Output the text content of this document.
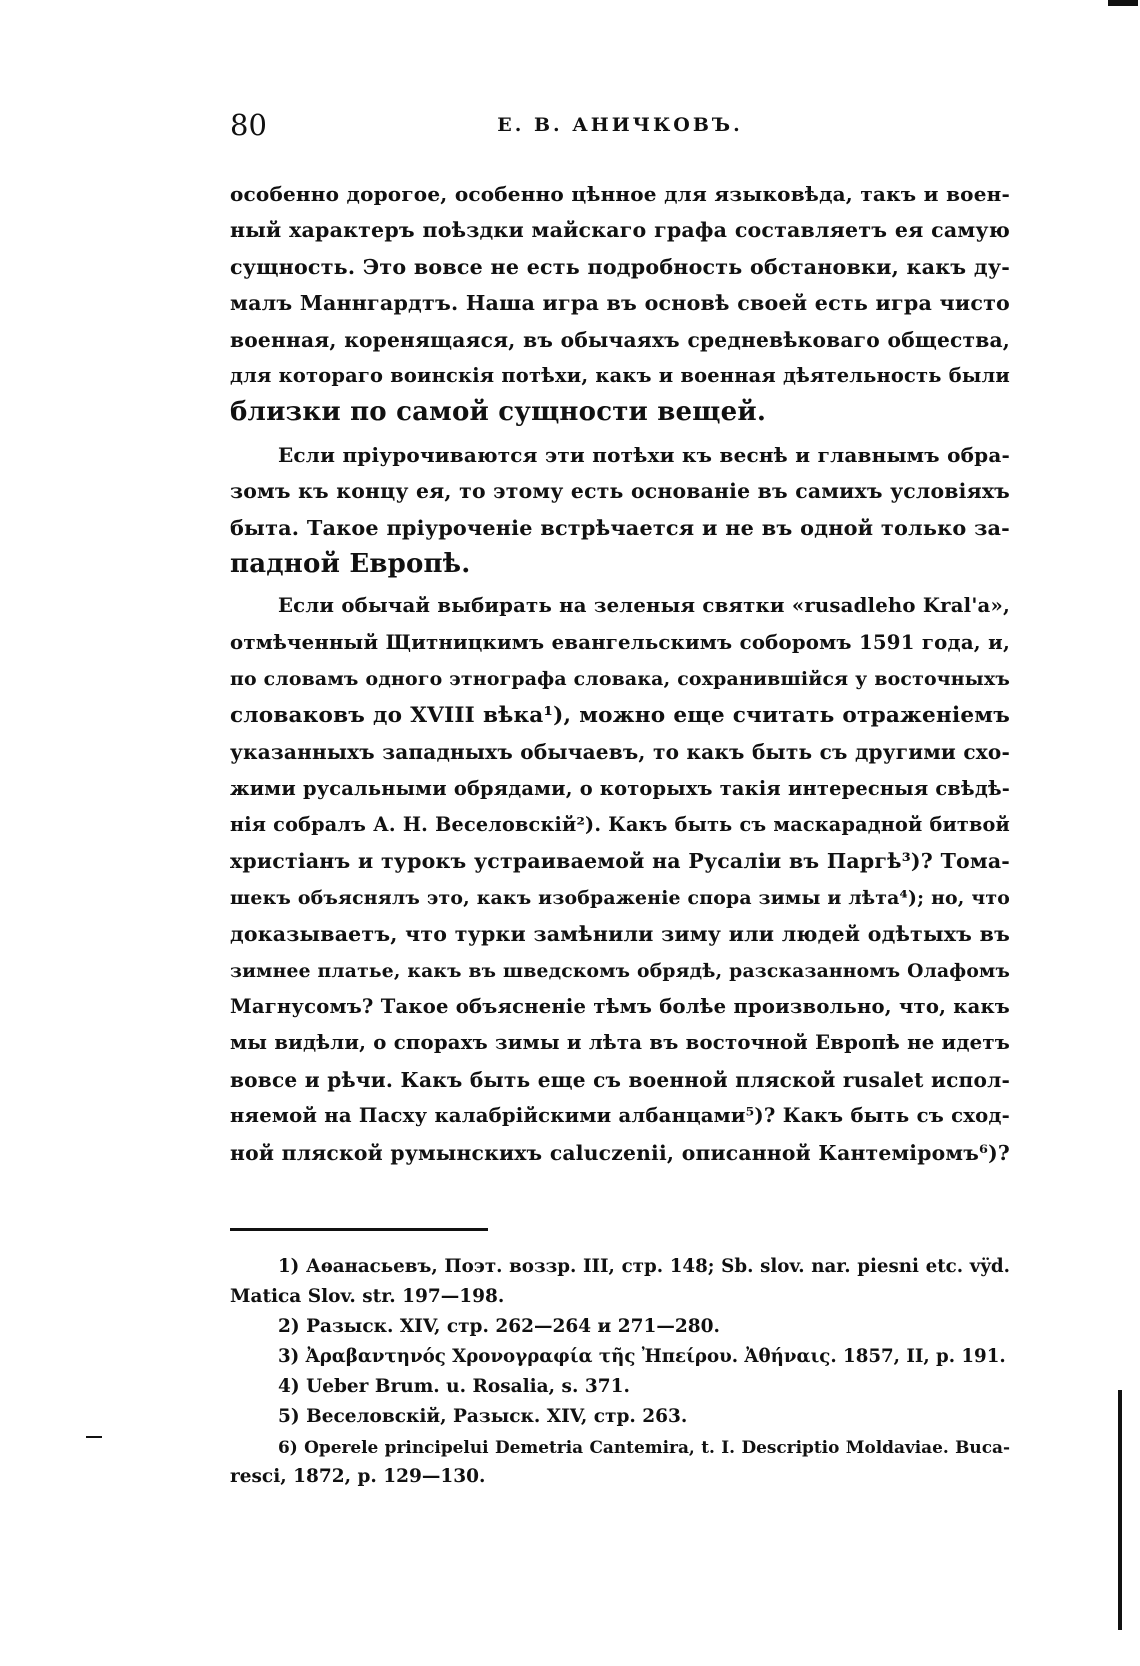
80	Е. В. АНИЧКОВЪ.

особенно дорогое, особенно цѣнное для языковѣда, такъ и воен-
ный характеръ поѣздки майскаго графа составляетъ ея самую
сущность. Это вовсе не есть подробность обстановки, какъ ду-
малъ Маннгардтъ. Наша игра въ основѣ своей есть игра чисто
военная, коренящаяся, въ обычаяхъ средневѣковаго общества,
для котораго воинскія потѣхи, какъ и военная дѣятельность были
близки по самой сущности вещей.

Если пріурочиваются эти потѣхи къ веснѣ и главнымъ обра-
зомъ къ концу ея, то этому есть основаніе въ самихъ условіяхъ
быта. Такое пріуроченіе встрѣчается и не въ одной только за-
падной Европѣ.

Если обычай выбирать на зеленыя святки «rusadleho Kral'a»,
отмѣченный Щитницкимъ евангельскимъ соборомъ 1591 года, и,
по словамъ одного этнографа словака, сохранившійся у восточныхъ
словаковъ до XVIII вѣка¹), можно еще считать отраженіемъ
указанныхъ западныхъ обычаевъ, то какъ быть съ другими схо-
жими русальными обрядами, о которыхъ такія интересныя свѣдѣ-
нія собралъ А. Н. Веселовскій²). Какъ быть съ маскарадной битвой
христіанъ и турокъ устраиваемой на Русаліи въ Паргѣ³)? Тома-
шекъ объяснялъ это, какъ изображеніе спора зимы и лѣта⁴); но, что
доказываетъ, что турки замѣнили зиму или людей одѣтыхъ въ
зимнее платье, какъ въ шведскомъ обрядѣ, разсказанномъ Олафомъ
Магнусомъ? Такое объясненіе тѣмъ болѣе произвольно, что, какъ
мы видѣли, о спорахъ зимы и лѣта въ восточной Европѣ не идетъ
вовсе и рѣчи. Какъ быть еще съ военной пляской rusalet испол-
няемой на Пасху калабрійскими албанцами⁵)? Какъ быть съ сход-
ной пляской румынскихъ caluczenii, описанной Кантеміромъ⁶)?

1) Аѳанасьевъ, Поэт. воззр. III, стр. 148; Sb. slov. nar. piesni etc. vÿd.
Matica Slov. str. 197—198.

2) Разыск. XIV, стр. 262—264 и 271—280.

3) Ἀραβαντηνός Χρονογραφία τῆς Ἠπείρου. Ἀθήναις. 1857, II, p. 191.

4) Ueber Brum. u. Rosalia, s. 371.

5) Веселовскій, Разыск. XIV, стр. 263.

6) Operele principelui Demetria Cantemira, t. I. Descriptio Moldaviae. Buca-
rescі, 1872, p. 129—130.
